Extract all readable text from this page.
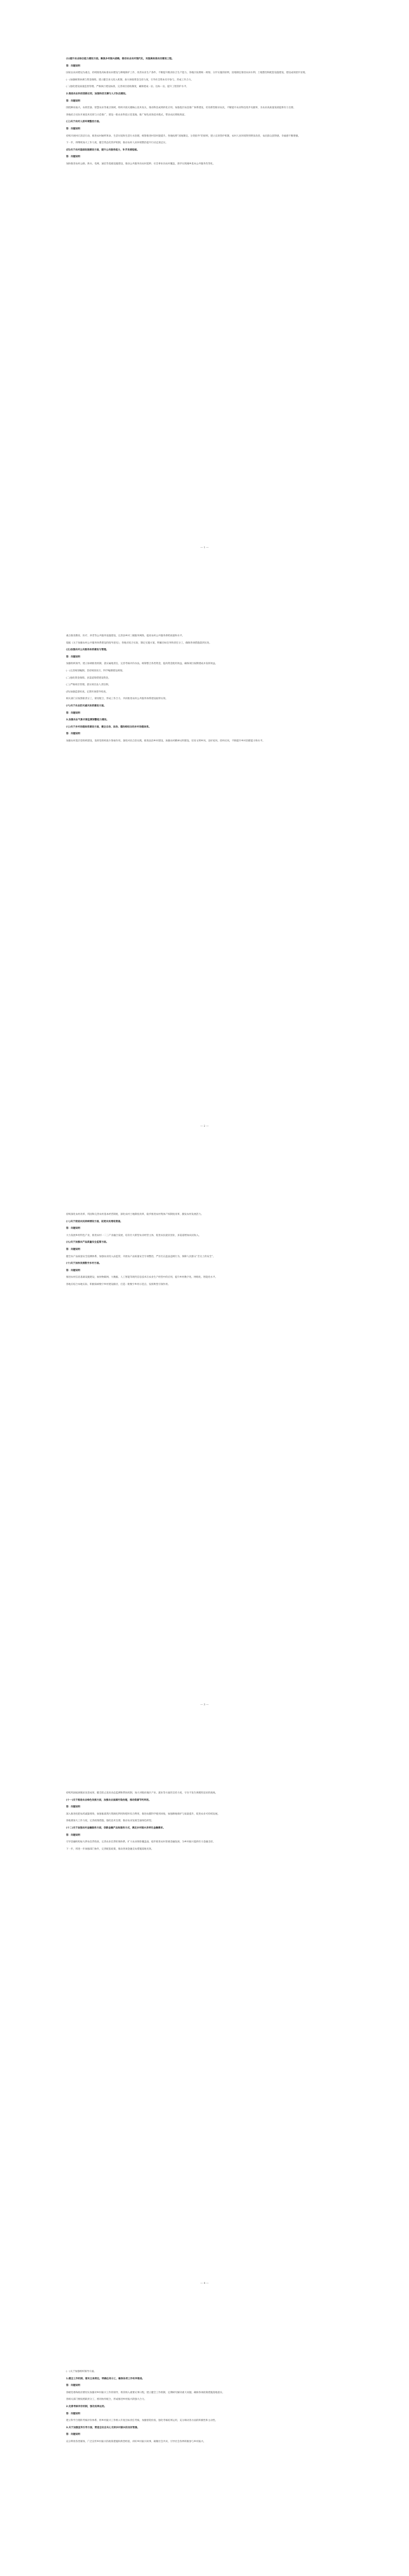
(1)提升农业综合能力建设方面。聚焦乡村振兴战略，推动农业农村现代化，实施高标准农田建设工程。

答：问题说明

国家以农田建设为重点，持续推进高标准农田建设与耕地保护工作，改善农业生产条件，不断提升粮食综合生产能力。各地区按照统一规划、分步实施的原则，因地制宜推进农田水利、土地整治和配套设施建设，建设成效逐步显现。

(一)加强统筹协调与资金保障。建立健全多元投入机制，加大财政资金支持力度，引导社会资本有序参与，形成工作合力。

(二)强化建设质量监督管理。严格执行建设标准，完善项目验收制度，确保建成一亩、达标一亩，提升工程管护水平。

2.推进农业科技创新应用，加强科技支撑与人才队伍建设。

答：问题说明

围绕种业振兴、农机装备、智慧农业等重点领域，组织开展关键核心技术攻关，推动科技成果转化应用。加强基层农技推广体系建设，培育新型职业农民，不断提升农业科技进步贡献率，为农业高质量发展提供有力支撑。

各地结合实际开展技术培训与示范推广，建设一批农业科技示范基地，推广绿色高效技术模式，带动农民增收致富。

(三)关于农村人居环境整治方面。

答：问题说明

持续开展村庄清洁行动，推进农村厕所革命、生活垃圾和生活污水治理，统筹推进村容村貌提升。各地按照“因地制宜、分类指导”的原则，建立长效管护机制，农村人居环境得到明显改善，农民群众获得感、幸福感不断增强。

下一步，将继续加大工作力度，健全常态化管护机制，推动农村人居环境整治提升行动走深走实。

(四)关于农村基础设施建设方面，提升公共服务能力，补齐发展短板。

答：问题说明

加快推进农村公路、供水、电网、通信等基础设施建设，推动公共服务向农村延伸、社会事业向农村覆盖，逐步实现城乡基本公共服务均等化。

— 1 —

重点推进教育、医疗、养老等公共服务设施建设，完善县乡村三级服务网络，提高农村公共服务供给质量和水平。

依据《关于加强农村公共服务体系建设的指导意见》，各地应结合实际，制定实施方案，明确目标任务和责任分工，确保各项措施落到实处。

(五)加强农村公共服务体系建设与管理。

答：问题说明

加强组织领导，建立协调推进机制，落实属地责任，完善考核评价办法。统筹整合各类资金，提高资金使用效益，确保项目按期建成并发挥效益。

(一)完善规划编制。坚持规划先行，科学编制建设规划。

(二)强化资金保障。多渠道筹措建设资金。

(三)严格项目管理。落实项目法人责任制。

(四)加强监督检查。定期开展督导检查。

相关部门应按照职责分工，密切配合，形成工作合力，共同推进农村公共服务体系建设取得实效。

(六)关于农业防灾减灾体系建设方面。

答：问题说明

3.加强农业气象灾害监测预警能力建设。

(七)关于乡村治理体系建设方面，健全自治、法治、德治相结合的乡村治理体系。

答：问题说明

加强农村基层党组织建设，发挥党组织战斗堡垒作用。深化村民自治实践，推进法治乡村建设，加强农村精神文明建设，培育文明乡风、良好家风、淳朴民风，不断提升乡村治理能力和水平。

— 2 —

持续深化农村改革，巩固和完善农村基本经营制度，深化农村土地制度改革，稳步推进农村集体产权制度改革，激发农村发展活力。

(八)关于促进农民持续增收方面，拓宽农民增收渠道。

答：问题说明

大力发展乡村特色产业，推进农村一二三产业融合发展，培育壮大新型农业经营主体，促进农民就业创业，多渠道增加农民收入。

(九)关于加强农产品质量安全监管方面。

答：问题说明

健全农产品质量安全追溯体系，加强农业投入品监管，开展农产品质量安全专项整治，严厉打击违法违规行为，保障人民群众“舌尖上的安全”。

(十)关于加快发展数字乡村方面。

答：问题说明

推进农村信息基础设施建设，加快物联网、大数据、人工智能等现代信息技术在农业生产经营中的应用，提升乡村数字化、网络化、智能化水平。

各地应结合本地实际，积极探索数字乡村建设路径，打造一批数字乡村示范点，发挥典型引领作用。

— 3 —

持续巩固拓展脱贫攻坚成果，健全防止返贫动态监测和帮扶机制，加大对脱贫地区产业、就业等方面的支持力度，守住不发生规模性返贫的底线。

(十一)关于推进农业绿色发展方面，加强农业面源污染治理，推动资源节约利用。

答：问题说明

深入推进化肥农药减量增效，加强畜禽粪污资源化利用和秸秆综合利用，推进农膜科学使用回收，加强耕地保护与质量提升，促进农业可持续发展。

各地要加大工作力度，完善政策措施，强化技术支撑，推动农业发展全面绿色转型。

(十二)关于加强农村金融服务方面，创新金融产品和服务方式，满足乡村振兴多样化金融需求。

答：问题说明

引导金融机构加大涉农信贷投放，完善农业信贷担保体系，扩大农业保险覆盖面，稳步推进农村普惠金融发展，为乡村振兴提供有力金融支持。

下一步，将进一步加强部门协作，完善配套政策，推动各项金融支农措施落地见效。

— 4 —

(一)关于加强组织领导方面。

1.健全工作机制，落实主体责任，明确任务分工，确保各项工作有序推进。

答：问题说明

各级党委和政府要切实加强对乡村振兴工作的领导，将其纳入重要议事日程，建立健全工作机制，定期研究解决重大问题，确保各项政策措施落地落实。

各相关部门要按照职责分工，密切协作配合，形成推进乡村振兴的强大合力。

2.完善考核评价机制，强化结果运用。

答：问题说明

建立科学合理的考核评价体系，将乡村振兴工作纳入年度目标责任考核，加强督促检查，强化考核结果运用，充分调动各方面的积极性和主动性。

3.关于加强宣传引导方面，营造全社会关心支持乡村振兴的良好氛围。

答：问题说明

充分利用各类媒体，广泛宣传乡村振兴的政策措施和典型经验，讲好乡村振兴故事，凝聚社会共识，引导社会各界积极参与乡村振兴。
